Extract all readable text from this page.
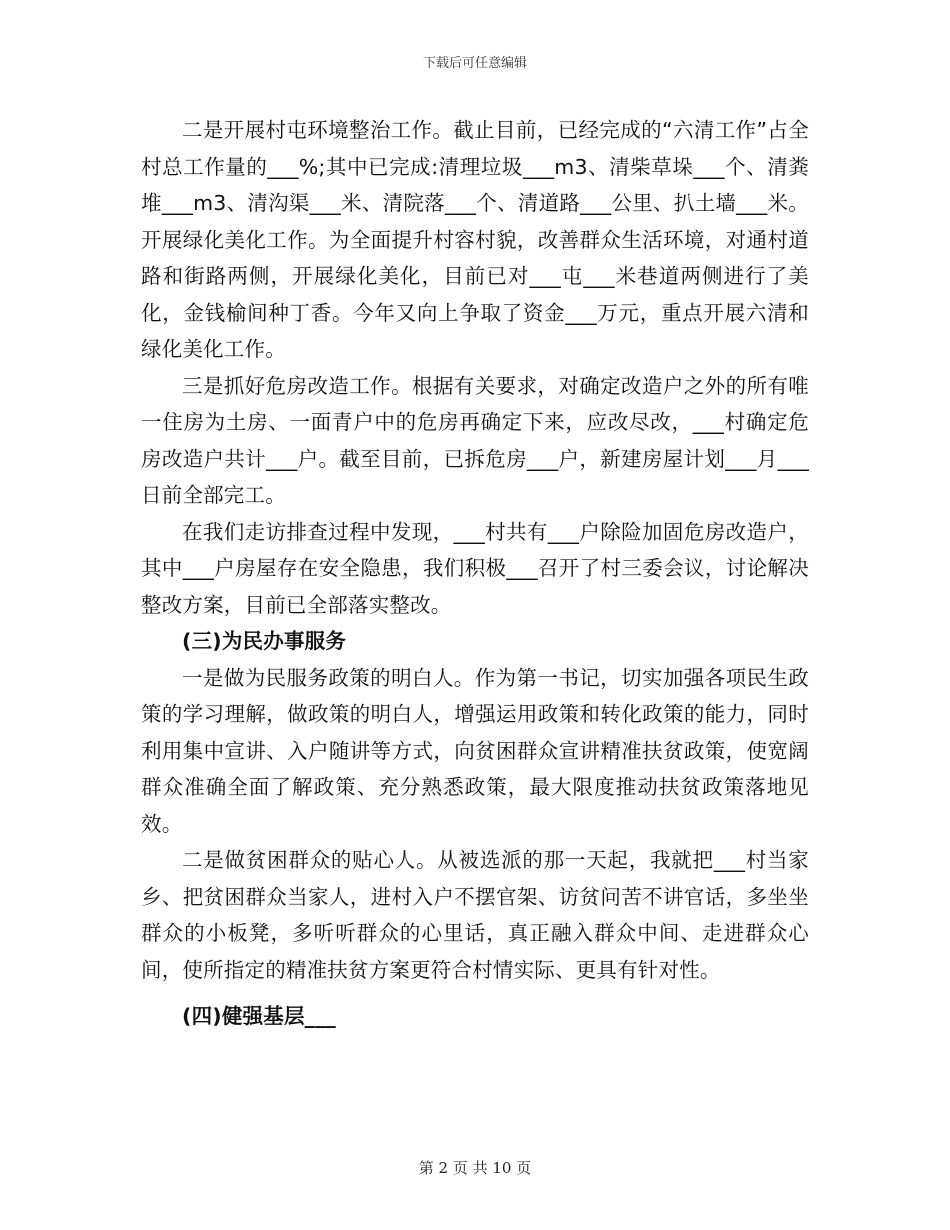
下载后可任意编辑

二是开展村屯环境整治工作。截止目前，已经完成的“六清工作”占全村总工作量的___%;其中已完成:清理垃圾___m3、清柴草垛___个、清粪堆___m3、清沟渠___米、清院落___个、清道路___公里、扒土墙___米。开展绿化美化工作。为全面提升村容村貌，改善群众生活环境，对通村道路和街路两侧，开展绿化美化，目前已对___屯___米巷道两侧进行了美化，金钱榆间种丁香。今年又向上争取了资金___万元，重点开展六清和绿化美化工作。

三是抓好危房改造工作。根据有关要求，对确定改造户之外的所有唯一住房为土房、一面青户中的危房再确定下来，应改尽改，___村确定危房改造户共计___户。截至目前，已拆危房___户，新建房屋计划___月___日前全部完工。

在我们走访排查过程中发现，___村共有___户除险加固危房改造户，其中___户房屋存在安全隐患，我们积极___召开了村三委会议，讨论解决整改方案，目前已全部落实整改。

(三)为民办事服务

一是做为民服务政策的明白人。作为第一书记，切实加强各项民生政策的学习理解，做政策的明白人，增强运用政策和转化政策的能力，同时利用集中宣讲、入户随讲等方式，向贫困群众宣讲精准扶贫政策，使宽阔群众准确全面了解政策、充分熟悉政策，最大限度推动扶贫政策落地见效。

二是做贫困群众的贴心人。从被选派的那一天起，我就把___村当家乡、把贫困群众当家人，进村入户不摆官架、访贫问苦不讲官话，多坐坐群众的小板凳，多听听群众的心里话，真正融入群众中间、走进群众心间，使所指定的精准扶贫方案更符合村情实际、更具有针对性。

(四)健强基层___
第 2 页 共 10 页
